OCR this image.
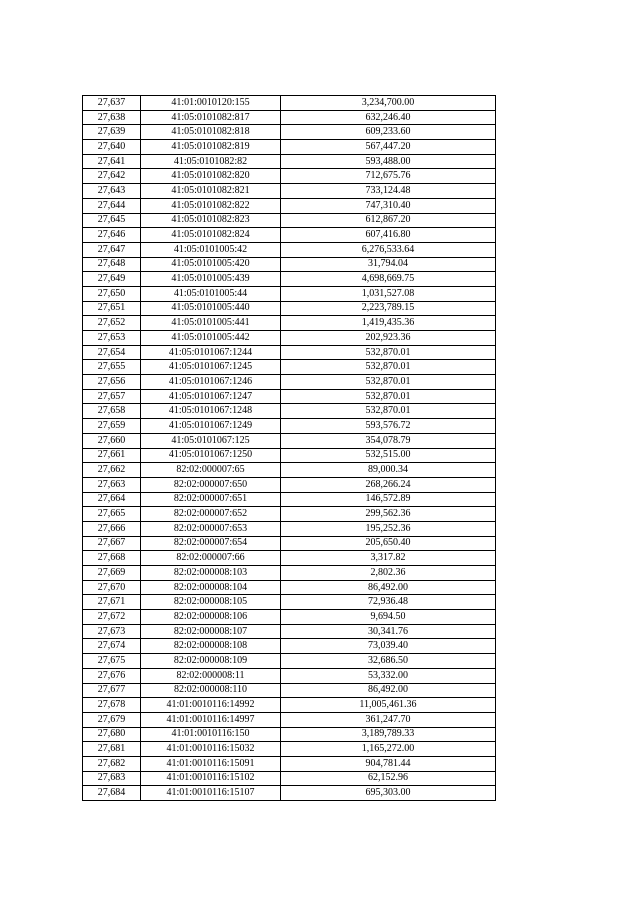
27,637	41:01:0010120:155	3,234,700.00
27,638	41:05:0101082:817	632,246.40
27,639	41:05:0101082:818	609,233.60
27,640	41:05:0101082:819	567,447.20
27,641	41:05:0101082:82	593,488.00
27,642	41:05:0101082:820	712,675.76
27,643	41:05:0101082:821	733,124.48
27,644	41:05:0101082:822	747,310.40
27,645	41:05:0101082:823	612,867.20
27,646	41:05:0101082:824	607,416.80
27,647	41:05:0101005:42	6,276,533.64
27,648	41:05:0101005:420	31,794.04
27,649	41:05:0101005:439	4,698,669.75
27,650	41:05:0101005:44	1,031,527.08
27,651	41:05:0101005:440	2,223,789.15
27,652	41:05:0101005:441	1,419,435.36
27,653	41:05:0101005:442	202,923.36
27,654	41:05:0101067:1244	532,870.01
27,655	41:05:0101067:1245	532,870.01
27,656	41:05:0101067:1246	532,870.01
27,657	41:05:0101067:1247	532,870.01
27,658	41:05:0101067:1248	532,870.01
27,659	41:05:0101067:1249	593,576.72
27,660	41:05:0101067:125	354,078.79
27,661	41:05:0101067:1250	532,515.00
27,662	82:02:000007:65	89,000.34
27,663	82:02:000007:650	268,266.24
27,664	82:02:000007:651	146,572.89
27,665	82:02:000007:652	299,562.36
27,666	82:02:000007:653	195,252.36
27,667	82:02:000007:654	205,650.40
27,668	82:02:000007:66	3,317.82
27,669	82:02:000008:103	2,802.36
27,670	82:02:000008:104	86,492.00
27,671	82:02:000008:105	72,936.48
27,672	82:02:000008:106	9,694.50
27,673	82:02:000008:107	30,341.76
27,674	82:02:000008:108	73,039.40
27,675	82:02:000008:109	32,686.50
27,676	82:02:000008:11	53,332.00
27,677	82:02:000008:110	86,492.00
27,678	41:01:0010116:14992	11,005,461.36
27,679	41:01:0010116:14997	361,247.70
27,680	41:01:0010116:150	3,189,789.33
27,681	41:01:0010116:15032	1,165,272.00
27,682	41:01:0010116:15091	904,781.44
27,683	41:01:0010116:15102	62,152.96
27,684	41:01:0010116:15107	695,303.00
